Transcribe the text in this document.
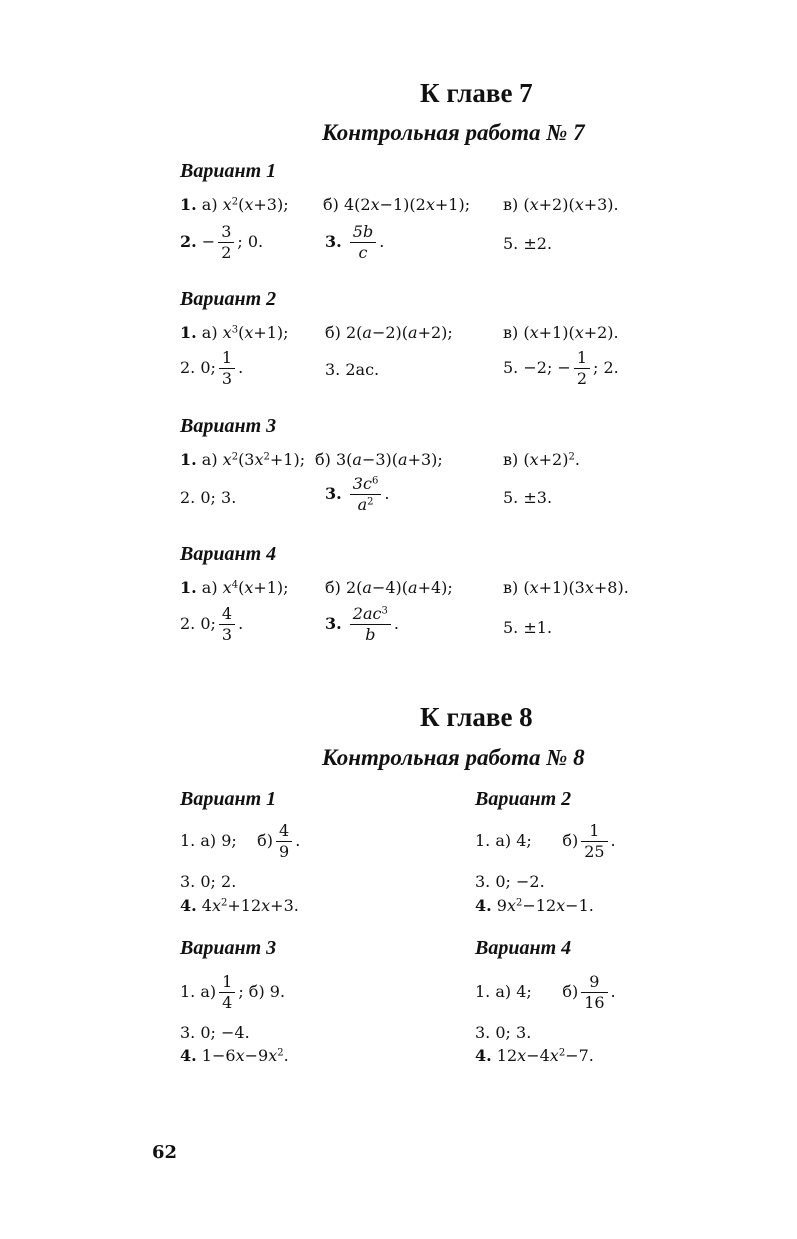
К главе 7
Контрольная работа № 7
Вариант 1
1. а) $x^2(x+3)$; б) 4(2x−1)(2x+1); в) (x+2)(x+3).
2. − $\frac{3}{2}$ ; 0.	3. $\frac{5b}{c}$ .	5. ±2.
Вариант 2
1. а) $x^3(x+1)$; б) 2(a−2)(a+2);	в) (x+1)(x+2).
2. 0; $\frac{1}{3}$ .	3. 2ac.	5. −2; − $\frac{1}{2}$ ; 2.
Вариант 3
1. а) $x^2(3x^2+1)$; б) 3(a−3)(a+3);	в) $(x+2)^2$.
2. 0; 3.	3. $\frac{3c^6}{a^2}$ .	5. ±3.
Вариант 4
1. а) $x^4(x+1)$; б) 2(a−4)(a+4);	в) (x+1)(3x+8).
2. 0; $\frac{4}{3}$ .	3. $\frac{2ac^3}{b}$ .	5. ±1.
К главе 8
Контрольная работа № 8
Вариант 1
1. а) 9; $б) \frac{4}{9}$ .
3. 0; 2.
4. $4x^2+12x+3$.
Вариант 2
1. а) 4; $б) \frac{1}{25}$ .
3. 0; −2.
4. $9x^2-12x-1$.
Вариант 3
1. $а) \frac{1}{4}$ ; б) 9.
3. 0; −4.
4. $1-6x-9x^2$.
Вариант 4
1. а) 4; $б) \frac{9}{16}$ .
3. 0; 3.
4. $12x-4x^2-7$.
62
